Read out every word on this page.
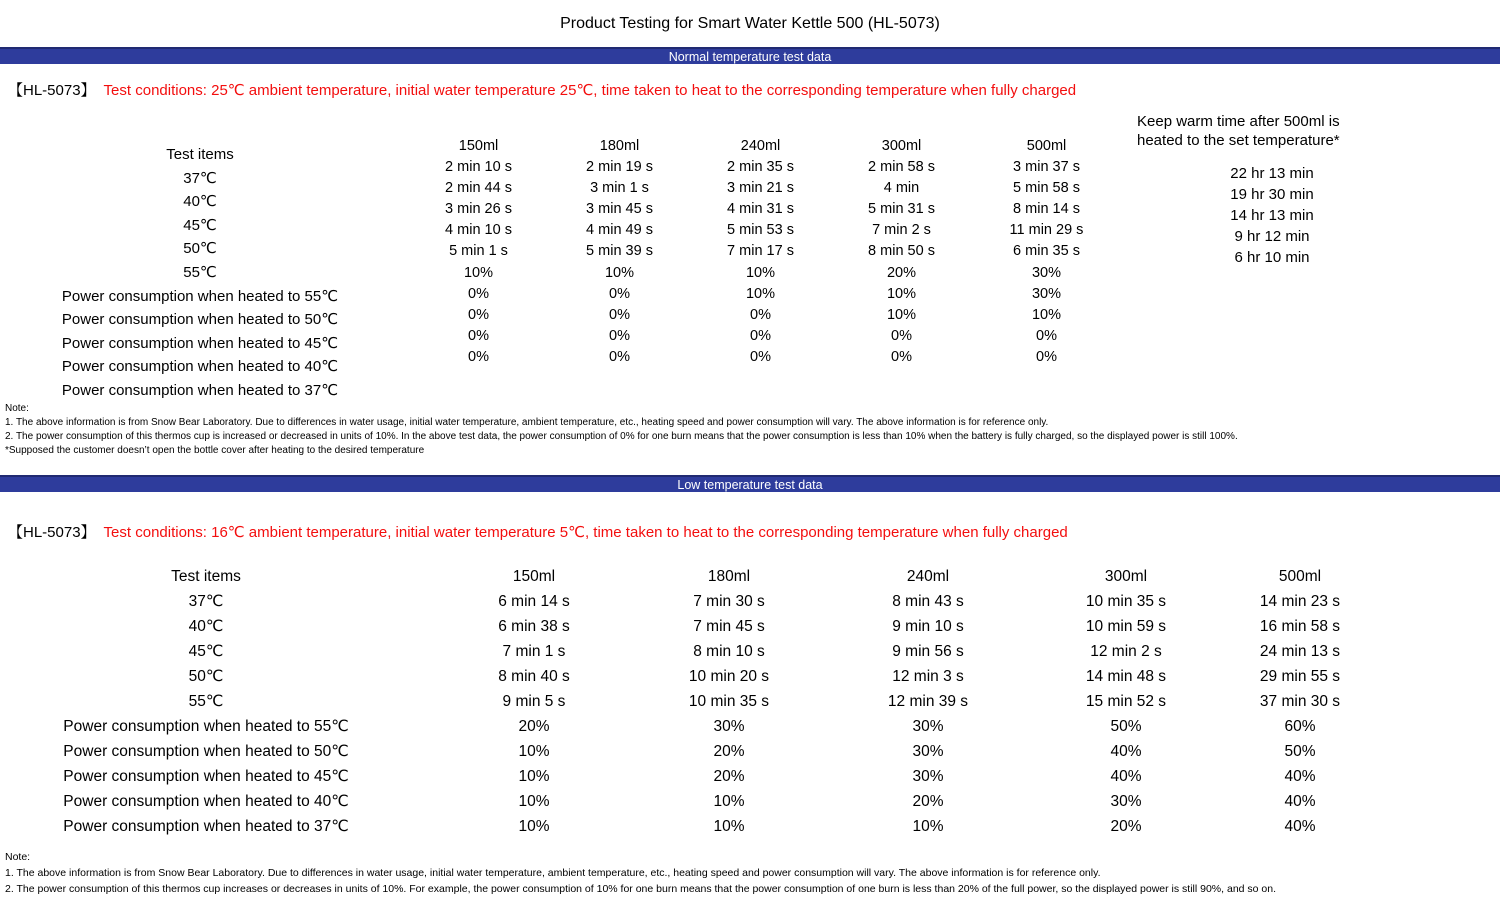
Product Testing for Smart Water Kettle 500 (HL-5073)
Normal temperature test data
【HL-5073】 Test conditions: 25℃ ambient temperature, initial water temperature 25℃, time taken to heat to the corresponding temperature when fully charged
Test items
37℃
40℃
45℃
50℃
55℃
Power consumption when heated to 55℃
Power consumption when heated to 50℃
Power consumption when heated to 45℃
Power consumption when heated to 40℃
Power consumption when heated to 37℃
150ml
2 min 10 s
2 min 44 s
3 min 26 s
4 min 10 s
5 min 1 s
10%
0%
0%
0%
0%
180ml
2 min 19 s
3 min 1 s
3 min 45 s
4 min 49 s
5 min 39 s
10%
0%
0%
0%
0%
240ml
2 min 35 s
3 min 21 s
4 min 31 s
5 min 53 s
7 min 17 s
10%
10%
0%
0%
0%
300ml
2 min 58 s
4 min
5 min 31 s
7 min 2 s
8 min 50 s
20%
10%
10%
0%
0%
500ml
3 min 37 s
5 min 58 s
8 min 14 s
11 min 29 s
6 min 35 s
30%
30%
10%
0%
0%
Keep warm time after 500ml is
heated to the set temperature*
22 hr 13 min
19 hr 30 min
14 hr 13 min
9 hr 12 min
6 hr 10 min
Note:
1. The above information is from Snow Bear Laboratory. Due to differences in water usage, initial water temperature, ambient temperature, etc., heating speed and power consumption will vary. The above information is for reference only.
2. The power consumption of this thermos cup is increased or decreased in units of 10%. In the above test data, the power consumption of 0% for one burn means that the power consumption is less than 10% when the battery is fully charged, so the displayed power is still 100%.
*Supposed the customer doesn’t open the bottle cover after heating to the desired temperature
Low temperature test data
【HL-5073】 Test conditions: 16℃ ambient temperature, initial water temperature 5℃, time taken to heat to the corresponding temperature when fully charged
Test items
37℃
40℃
45℃
50℃
55℃
Power consumption when heated to 55℃
Power consumption when heated to 50℃
Power consumption when heated to 45℃
Power consumption when heated to 40℃
Power consumption when heated to 37℃
150ml
6 min 14 s
6 min 38 s
7 min 1 s
8 min 40 s
9 min 5 s
20%
10%
10%
10%
10%
180ml
7 min 30 s
7 min 45 s
8 min 10 s
10 min 20 s
10 min 35 s
30%
20%
20%
10%
10%
240ml
8 min 43 s
9 min 10 s
9 min 56 s
12 min 3 s
12 min 39 s
30%
30%
30%
20%
10%
300ml
10 min 35 s
10 min 59 s
12 min 2 s
14 min 48 s
15 min 52 s
50%
40%
40%
30%
20%
500ml
14 min 23 s
16 min 58 s
24 min 13 s
29 min 55 s
37 min 30 s
60%
50%
40%
40%
40%
Note:
1. The above information is from Snow Bear Laboratory. Due to differences in water usage, initial water temperature, ambient temperature, etc., heating speed and power consumption will vary. The above information is for reference only.
2. The power consumption of this thermos cup increases or decreases in units of 10%. For example, the power consumption of 10% for one burn means that the power consumption of one burn is less than 20% of the full power, so the displayed power is still 90%, and so on.
